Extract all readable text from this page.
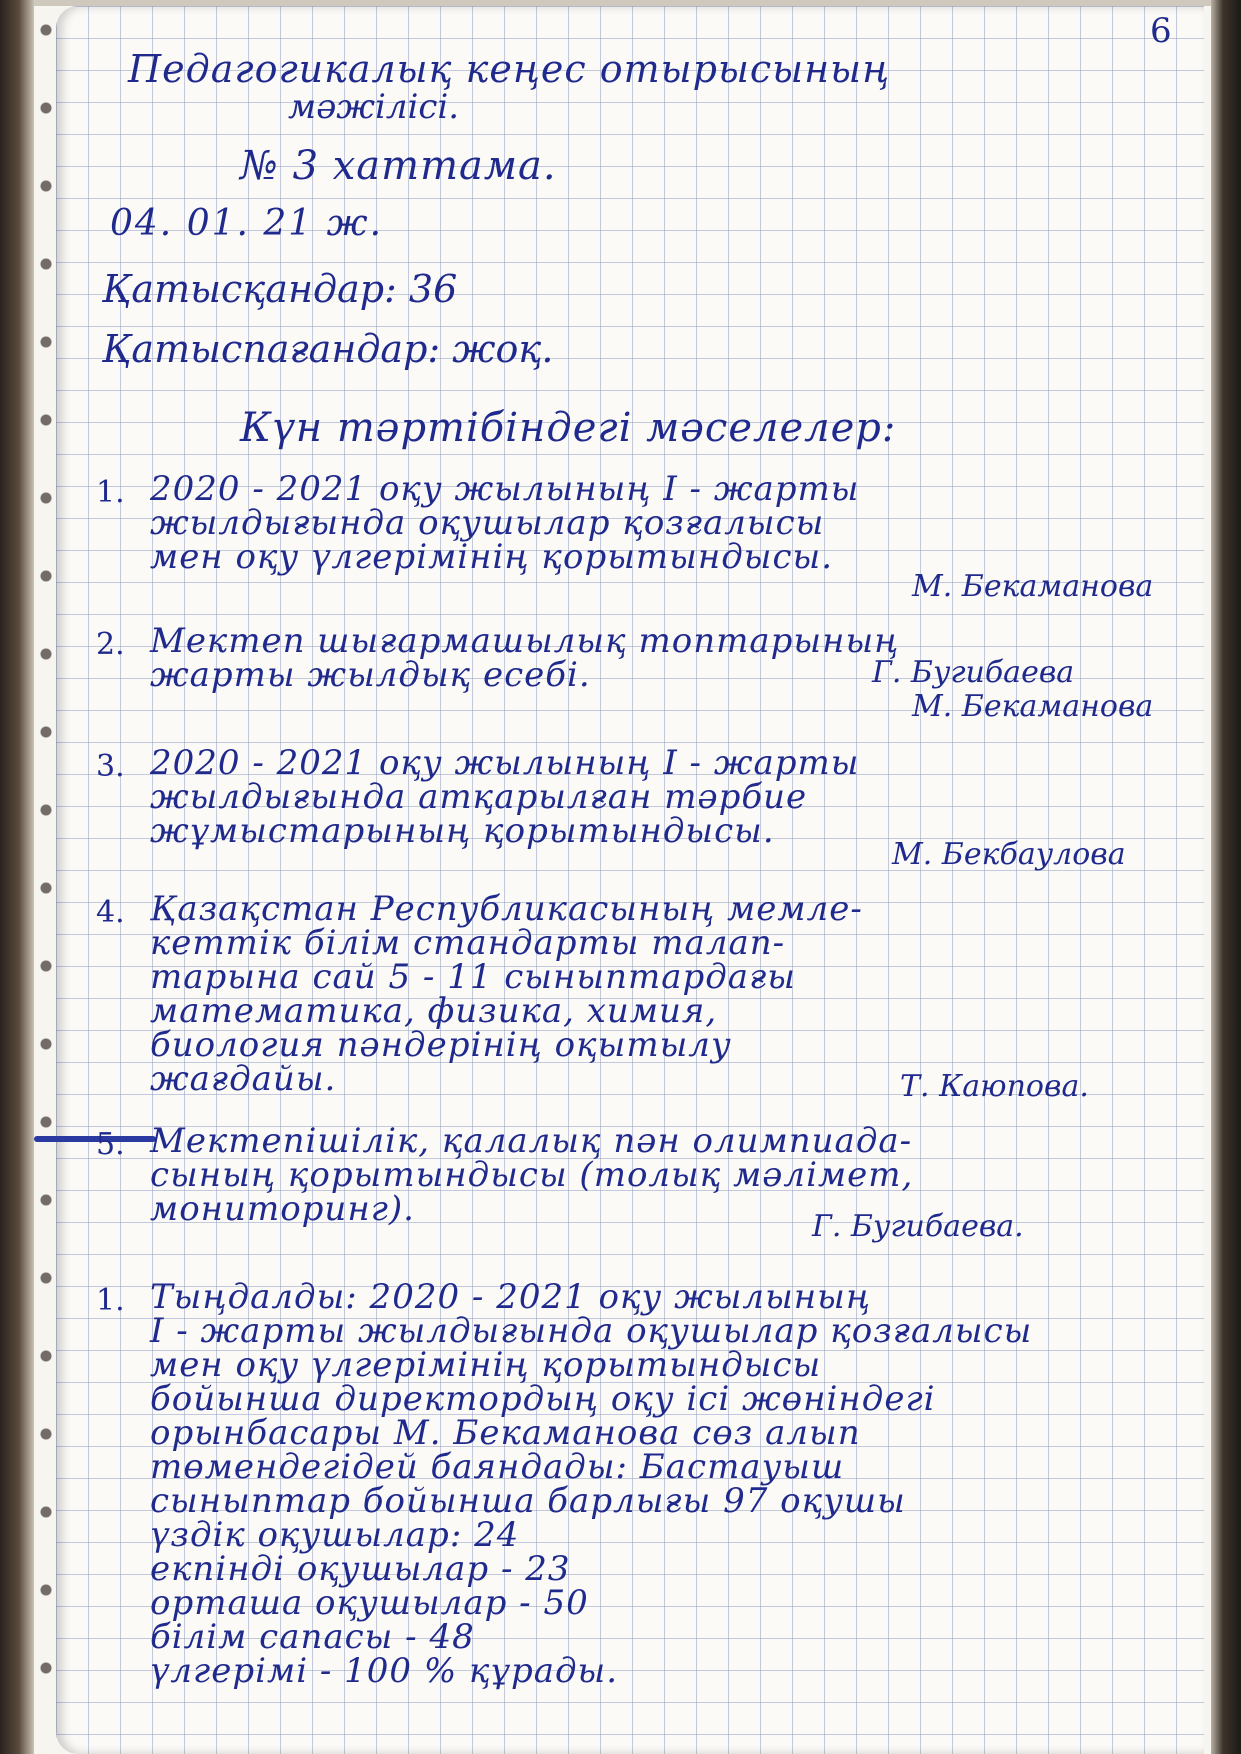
6
Педагогикалық кеңес отырысының
мәжілісі.
№ 3 хаттама.
04. 01. 21 ж.
Қатысқандар: 36
Қатыспағандар: жоқ.
Күн тәртібіндегі мәселелер:
1. 2020 - 2021 оқу жылының І - жарты
жылдығында оқушылар қозғалысы
мен оқу үлгерімінің қорытындысы.
М. Бекаманова
2. Мектеп шығармашылық топтарының
жарты жылдық есебі.	Г. Бугибаева
М. Бекаманова
3. 2020 - 2021 оқу жылының І - жарты
жылдығында атқарылған тәрбие
жұмыстарының қорытындысы.
М. Бекбаулова
4. Қазақстан Республикасының мемле-
кеттік білім стандарты талап-
тарына сай 5 - 11 сыныптардағы
математика, физика, химия,
биология пәндерінің оқытылу
жағдайы.	Т. Каюпова.
5. Мектепішілік, қалалық пән олимпиада-
сының қорытындысы (толық мәлімет,
мониторинг).	Г. Бугибаева.
1. Тыңдалды: 2020 - 2021 оқу жылының
І - жарты жылдығында оқушылар қозғалысы
мен оқу үлгерімінің қорытындысы
бойынша директордың оқу ісі жөніндегі
орынбасары М. Бекаманова сөз алып
төмендегідей баяндады: Бастауыш
сыныптар бойынша барлығы 97 оқушы
үздік оқушылар: 24
екпінді оқушылар - 23
орташа оқушылар - 50
білім сапасы - 48
үлгерімі - 100 % құрады.
